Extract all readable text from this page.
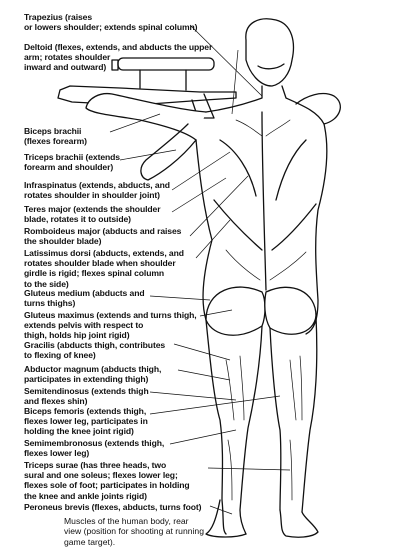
Trapezius (raises
or lowers shoulder; extends spinal column)
Deltoid (flexes, extends, and abducts the upper
arm; rotates shoulder
inward and outward)
Biceps brachii
(flexes forearm)
Triceps brachii (extends
forearm and shoulder)
Infraspinatus (extends, abducts, and
rotates shoulder in shoulder joint)
Teres major (extends the shoulder
blade, rotates it to outside)
Romboideus major (abducts and raises
the shoulder blade)
Latissimus dorsi (abducts, extends, and
rotates shoulder blade when shoulder
girdle is rigid; flexes spinal column
to the side)
Gluteus medium (abducts and
turns thighs)
Gluteus maximus (extends and turns thigh,
extends pelvis with respect to
thigh, holds hip joint rigid)
Gracilis (abducts thigh, contributes
to flexing of knee)
Abductor magnum (abducts thigh,
participates in extending thigh)
Semitendinosus (extends thigh
and flexes shin)
Biceps femoris (extends thigh,
flexes lower leg, participates in
holding the knee joint rigid)
Semimembronosus (extends thigh,
flexes lower leg)
Triceps surae (has three heads, two
sural and one soleus; flexes lower leg;
flexes sole of foot; participates in holding
the knee and ankle joints rigid)
Peroneus brevis (flexes, abducts, turns foot)
Muscles of the human body, rear
view (position for shooting at running
game target).
